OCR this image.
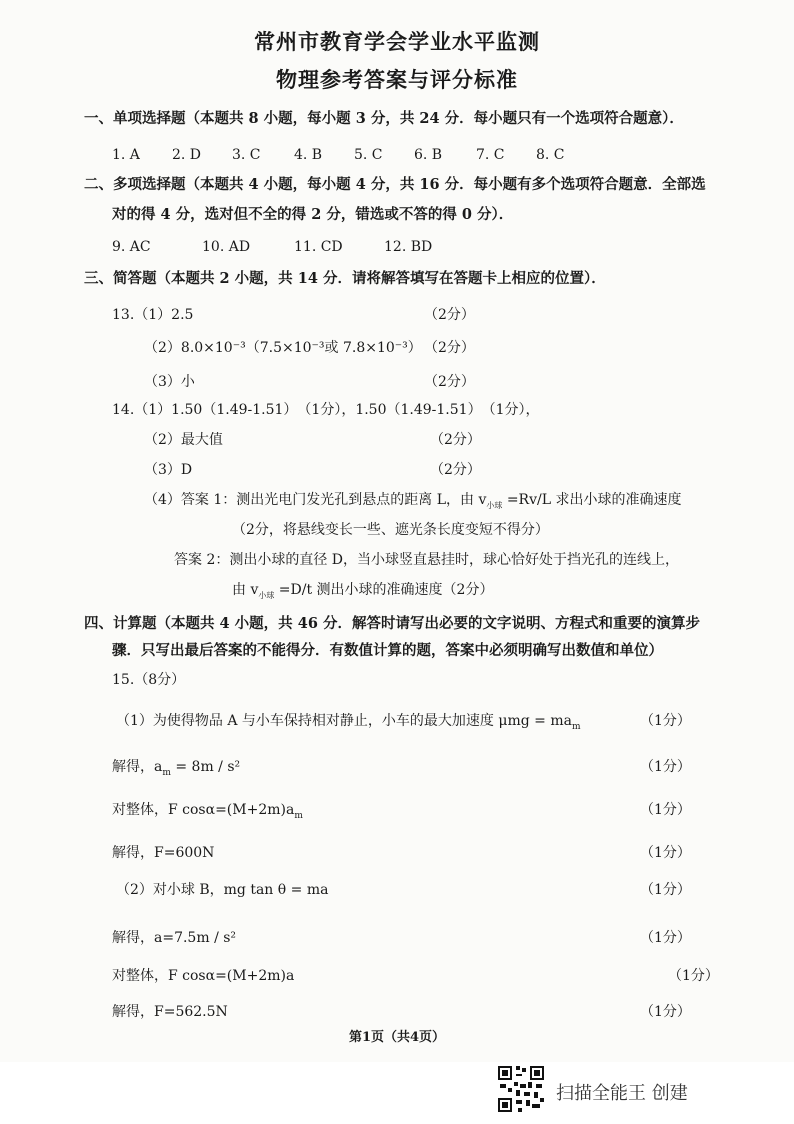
常州市教育学会学业水平监测
物理参考答案与评分标准
一、单项选择题（本题共 8 小题，每小题 3 分，共 24 分．每小题只有一个选项符合题意）．
1. A 2. D 3. C 4. B 5. C 6. B 7. C 8. C
二、多项选择题（本题共 4 小题，每小题 4 分，共 16 分．每小题有多个选项符合题意．全部选
对的得 4 分，选对但不全的得 2 分，错选或不答的得 0 分）．
9. AC	10. AD	11. CD	12. BD
三、简答题（本题共 2 小题，共 14 分．请将解答填写在答题卡上相应的位置）．
13.（1）2.5	（2分）
（2）8.0×10⁻³（7.5×10⁻³或 7.8×10⁻³） （2分）
（3）小	（2分）
14.（1）1.50（1.49-1.51）　（1分），1.50（1.49-1.51）　（1分），
（2）最大值	（2分）
（3）D	（2分）
（4）答案 1：测出光电门发光孔到悬点的距离 L，由 $v_{小球} =Rv/L$ 求出小球的准确速度
（2分，将悬线变长一些、遮光条长度变短不得分）
答案 2：测出小球的直径 D，当小球竖直悬挂时，球心恰好处于挡光孔的连线上，
由 $v_{小球} =D/t$ 测出小球的准确速度（2分）
四、计算题（本题共 4 小题，共 46 分．解答时请写出必要的文字说明、方程式和重要的演算步
骤．只写出最后答案的不能得分．有数值计算的题，答案中必须明确写出数值和单位）
15.（8分）
（1）为使得物品 A 与小车保持相对静止，小车的最大加速度 $\mu mg = ma_m$	（1分）
解得，$a_m = 8m / s^2$	（1分）
对整体，F $\cos\alpha=(M+2m)a_m$	（1分）
解得，F=600N	（1分）
（2）对小球 B，mg tan θ = ma	（1分）
解得，a=7.5m / s²	（1分）
对整体，F cosα=(M+2m)a	（1分）
解得，F=562.5N	（1分）
第1页（共4页）
扫描全能王 创建
